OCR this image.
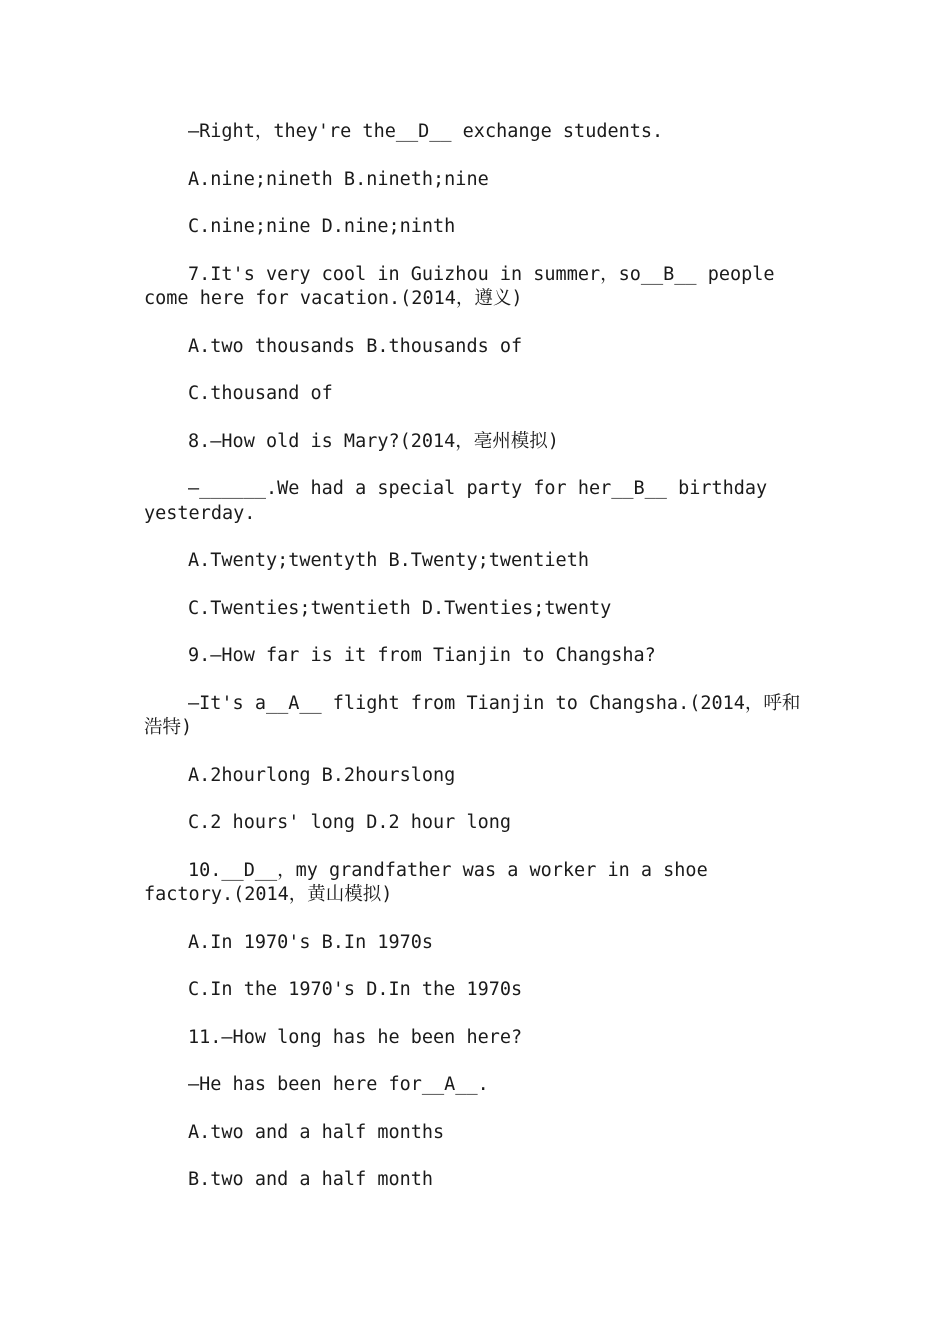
—Right，they're the__D__ exchange students.

A.nine;nineth B.nineth;nine

C.nine;nine D.nine;ninth

7.It's very cool in Guizhou in summer，so__B__ people come here for vacation.(2014，遵义)

A.two thousands B.thousands of

C.thousand of

8.—How old is Mary?(2014，亳州模拟)

—______.We had a special party for her__B__ birthday yesterday.

A.Twenty;twentyth B.Twenty;twentieth

C.Twenties;twentieth D.Twenties;twenty

9.—How far is it from Tianjin to Changsha?

—It's a__A__ flight from Tianjin to Changsha.(2014，呼和浩特)

A.2hourlong B.2hourslong

C.2 hours' long D.2 hour long

10.__D__，my grandfather was a worker in a shoe factory.(2014，黄山模拟)

A.In 1970's B.In 1970s

C.In the 1970's D.In the 1970s

11.—How long has he been here?

—He has been here for__A__.

A.two and a half months

B.two and a half month
